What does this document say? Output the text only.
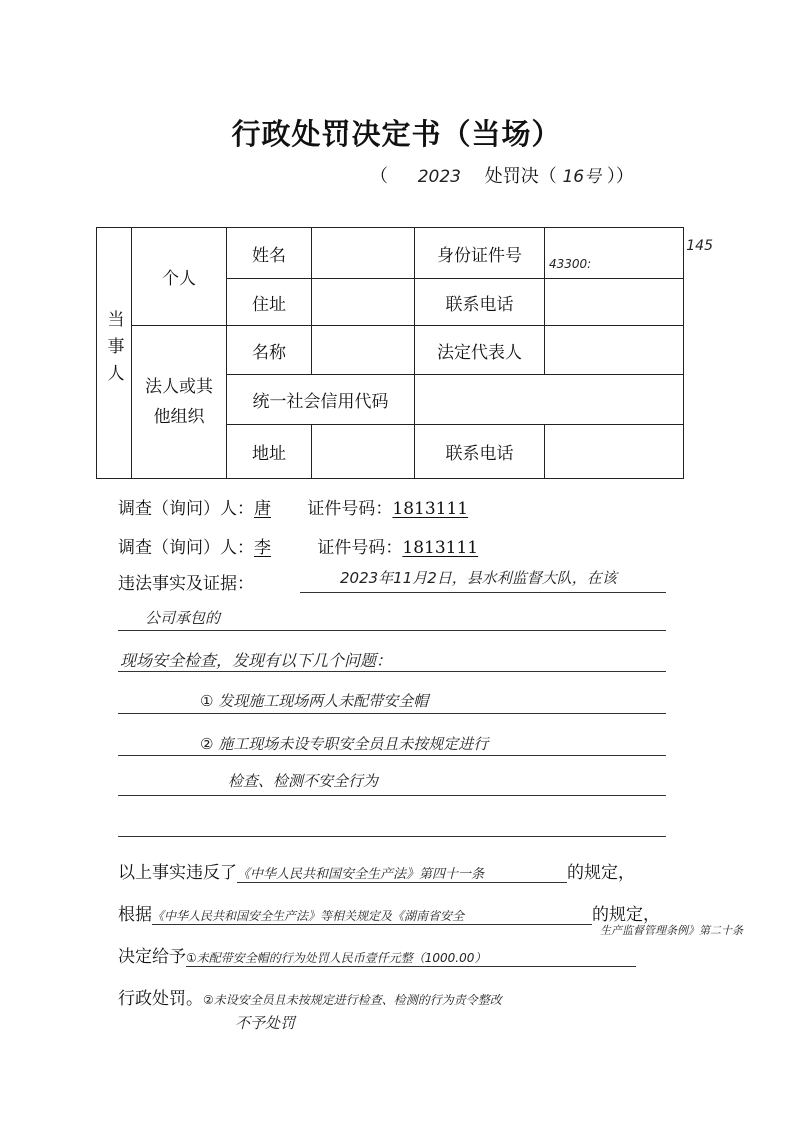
行政处罚决定书（当场）
（ 2023 处罚决（ 16号 ））
当事人	个人	姓名		身份证件号	$_{43300:}$
145

		住址		联系电话	
	法人或其他组织	名称		法定代表人	
		统一社会信用代码			
		地址		联系电话	
调查（询问）人：唐 证件号码：1813111
调查（询问）人：李	证件号码：1813111
违法事实及证据：	2023年11月2日，县水利监督大队，在该
公司承包的
现场安全检查，发现有以下几个问题：
① 发现施工现场两人未配带安全帽
② 施工现场未设专职安全员且未按规定进行
检查、检测不安全行为
以上事实违反了《中华人民共和国安全生产法》第四十一条	的规定，
根据《中华人民共和国安全生产法》等相关规定及《湖南省安全	的规定，
生产监督管理条例》第二十条
决定给予①未配带安全帽的行为处罚人民币壹仟元整（1000.00）
行政处罚。②未设安全员且未按规定进行检查、检测的行为责令整改
不予处罚
